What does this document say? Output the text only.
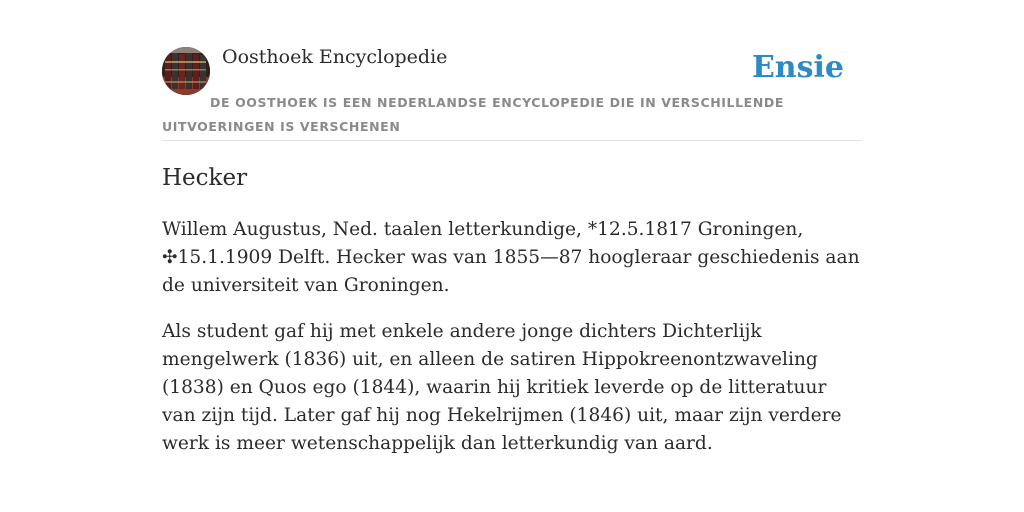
Oosthoek Encyclopedie	Ensie
DE OOSTHOEK IS EEN NEDERLANDSE ENCYCLOPEDIE DIE IN VERSCHILLENDE UITVOERINGEN IS VERSCHENEN
Hecker

Willem Augustus, Ned. taalen letterkundige, *12.5.1817 Groningen, ✣15.1.1909 Delft. Hecker was van 1855—87 hoogleraar geschiedenis aan de universiteit van Groningen.

Als student gaf hij met enkele andere jonge dichters Dichterlijk mengelwerk (1836) uit, en alleen de satiren Hippokreenontzwaveling (1838) en Quos ego (1844), waarin hij kritiek leverde op de litteratuur van zijn tijd. Later gaf hij nog Hekelrijmen (1846) uit, maar zijn verdere werk is meer wetenschappelijk dan letterkundig van aard.
